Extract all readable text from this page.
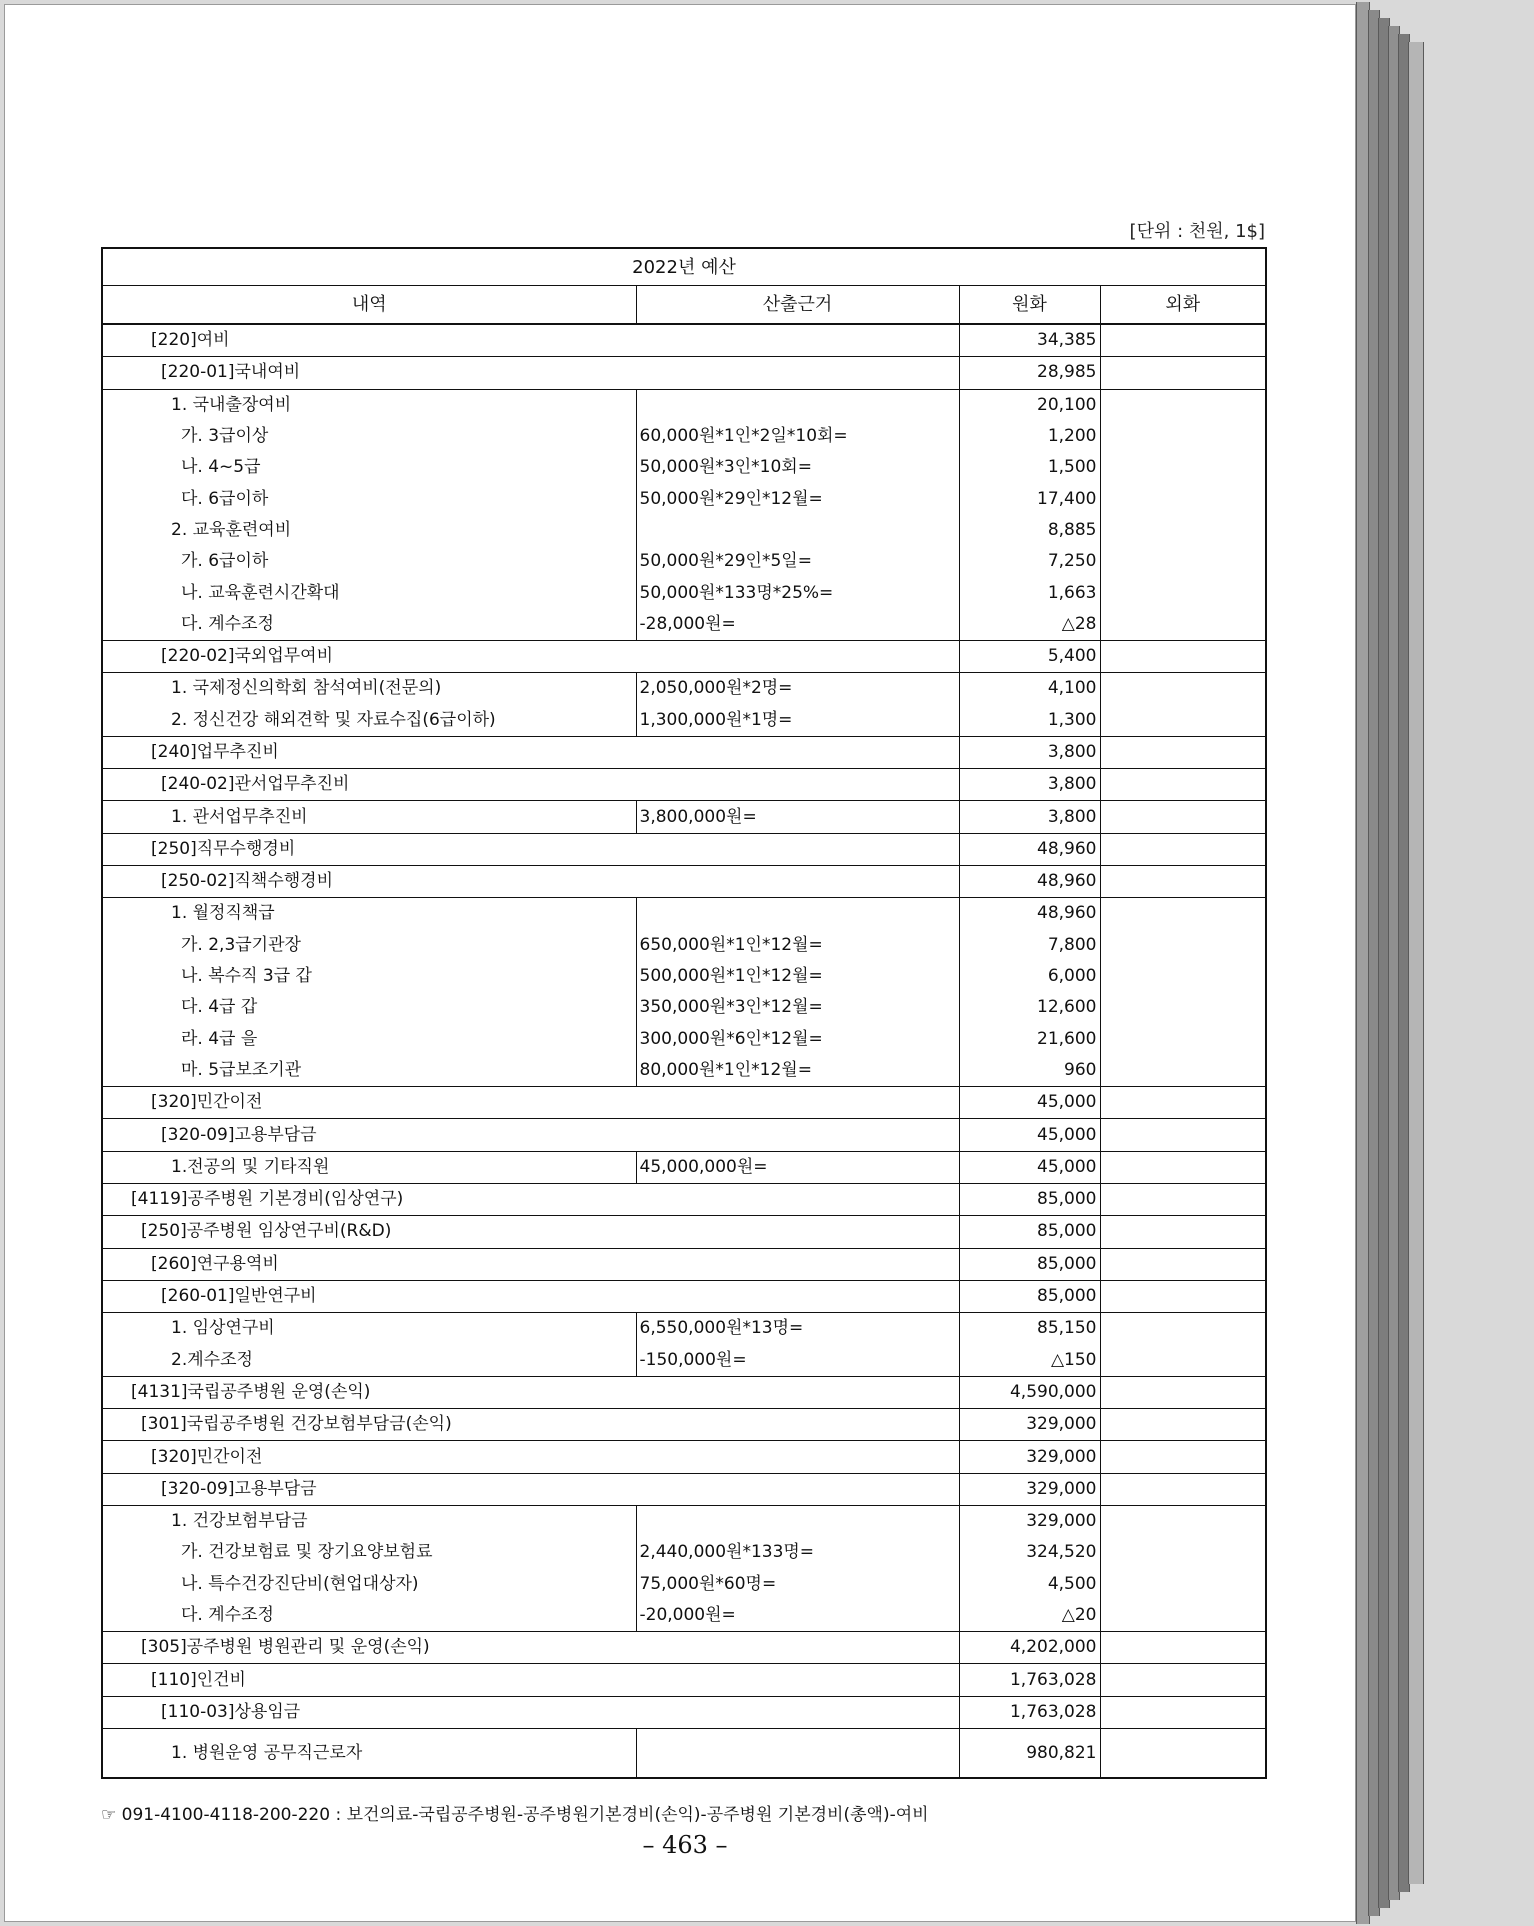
[단위 : 천원, 1$]
2022년 예산			
내역	산출근거	원화	외화
[220]여비		34,385	
[220-01]국내여비		28,985	
1. 국내출장여비		20,100	
가. 3급이상	60,000원*1인*2일*10회=	1,200	
나. 4~5급	50,000원*3인*10회=	1,500	
다. 6급이하	50,000원*29인*12월=	17,400	
2. 교육훈련여비		8,885	
가. 6급이하	50,000원*29인*5일=	7,250	
나. 교육훈련시간확대	50,000원*133명*25%=	1,663	
다. 계수조정	-28,000원=	△28	
[220-02]국외업무여비		5,400	
1. 국제정신의학회 참석여비(전문의)	2,050,000원*2명=	4,100	
2. 정신건강 해외견학 및 자료수집(6급이하)	1,300,000원*1명=	1,300	
[240]업무추진비		3,800	
[240-02]관서업무추진비		3,800	
1. 관서업무추진비	3,800,000원=	3,800	
[250]직무수행경비		48,960	
[250-02]직책수행경비		48,960	
1. 월정직책급		48,960	
가. 2,3급기관장	650,000원*1인*12월=	7,800	
나. 복수직 3급 갑	500,000원*1인*12월=	6,000	
다. 4급 갑	350,000원*3인*12월=	12,600	
라. 4급 을	300,000원*6인*12월=	21,600	
마. 5급보조기관	80,000원*1인*12월=	960	
[320]민간이전		45,000	
[320-09]고용부담금		45,000	
1.전공의 및 기타직원	45,000,000원=	45,000	
[4119]공주병원 기본경비(임상연구)		85,000	
[250]공주병원 임상연구비(R&D)		85,000	
[260]연구용역비		85,000	
[260-01]일반연구비		85,000	
1. 임상연구비	6,550,000원*13명=	85,150	
2.계수조정	-150,000원=	△150	
[4131]국립공주병원 운영(손익)		4,590,000	
[301]국립공주병원 건강보험부담금(손익)		329,000	
[320]민간이전		329,000	
[320-09]고용부담금		329,000	
1. 건강보험부담금		329,000	
가. 건강보험료 및 장기요양보험료	2,440,000원*133명=	324,520	
나. 특수건강진단비(현업대상자)	75,000원*60명=	4,500	
다. 계수조정	-20,000원=	△20	
[305]공주병원 병원관리 및 운영(손익)		4,202,000	
[110]인건비		1,763,028	
[110-03]상용임금		1,763,028	
1. 병원운영 공무직근로자		980,821	
☞ 091-4100-4118-200-220 : 보건의료-국립공주병원-공주병원기본경비(손익)-공주병원 기본경비(총액)-여비
– 463 –
